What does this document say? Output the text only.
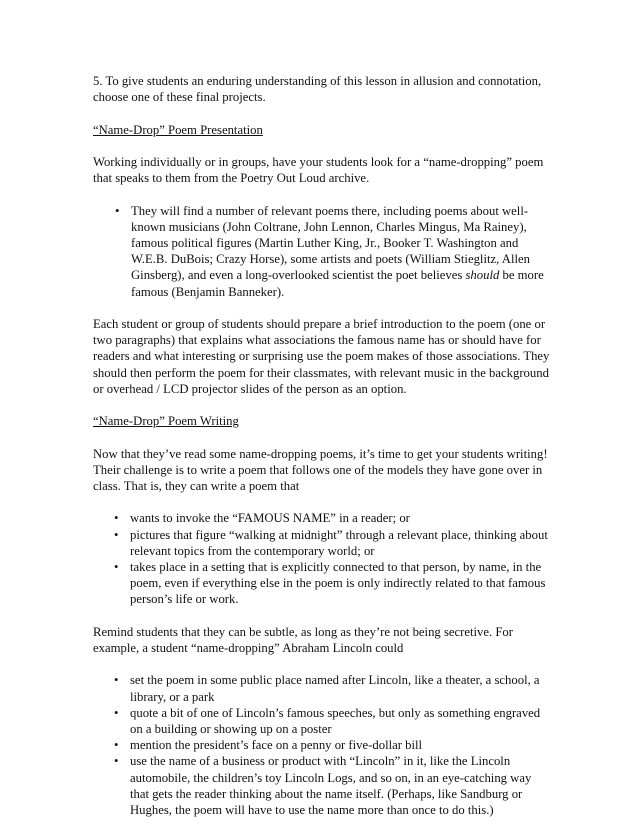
5. To give students an enduring understanding of this lesson in allusion and connotation, choose one of these final projects.

“Name-Drop” Poem Presentation

Working individually or in groups, have your students look for a “name-dropping” poem that speaks to them from the Poetry Out Loud archive.

• They will find a number of relevant poems there, including poems about well-known musicians (John Coltrane, John Lennon, Charles Mingus, Ma Rainey), famous political figures (Martin Luther King, Jr., Booker T. Washington and W.E.B. DuBois; Crazy Horse), some artists and poets (William Stieglitz, Allen Ginsberg), and even a long-overlooked scientist the poet believes should be more famous (Benjamin Banneker).

Each student or group of students should prepare a brief introduction to the poem (one or two paragraphs) that explains what associations the famous name has or should have for readers and what interesting or surprising use the poem makes of those associations. They should then perform the poem for their classmates, with relevant music in the background or overhead / LCD projector slides of the person as an option.

“Name-Drop” Poem Writing

Now that they’ve read some name-dropping poems, it’s time to get your students writing! Their challenge is to write a poem that follows one of the models they have gone over in class. That is, they can write a poem that

• wants to invoke the “FAMOUS NAME” in a reader; or
• pictures that figure “walking at midnight” through a relevant place, thinking about relevant topics from the contemporary world; or
• takes place in a setting that is explicitly connected to that person, by name, in the poem, even if everything else in the poem is only indirectly related to that famous person’s life or work.

Remind students that they can be subtle, as long as they’re not being secretive. For example, a student “name-dropping” Abraham Lincoln could

• set the poem in some public place named after Lincoln, like a theater, a school, a library, or a park
• quote a bit of one of Lincoln’s famous speeches, but only as something engraved on a building or showing up on a poster
• mention the president’s face on a penny or five-dollar bill
• use the name of a business or product with “Lincoln” in it, like the Lincoln automobile, the children’s toy Lincoln Logs, and so on, in an eye-catching way that gets the reader thinking about the name itself. (Perhaps, like Sandburg or Hughes, the poem will have to use the name more than once to do this.)
